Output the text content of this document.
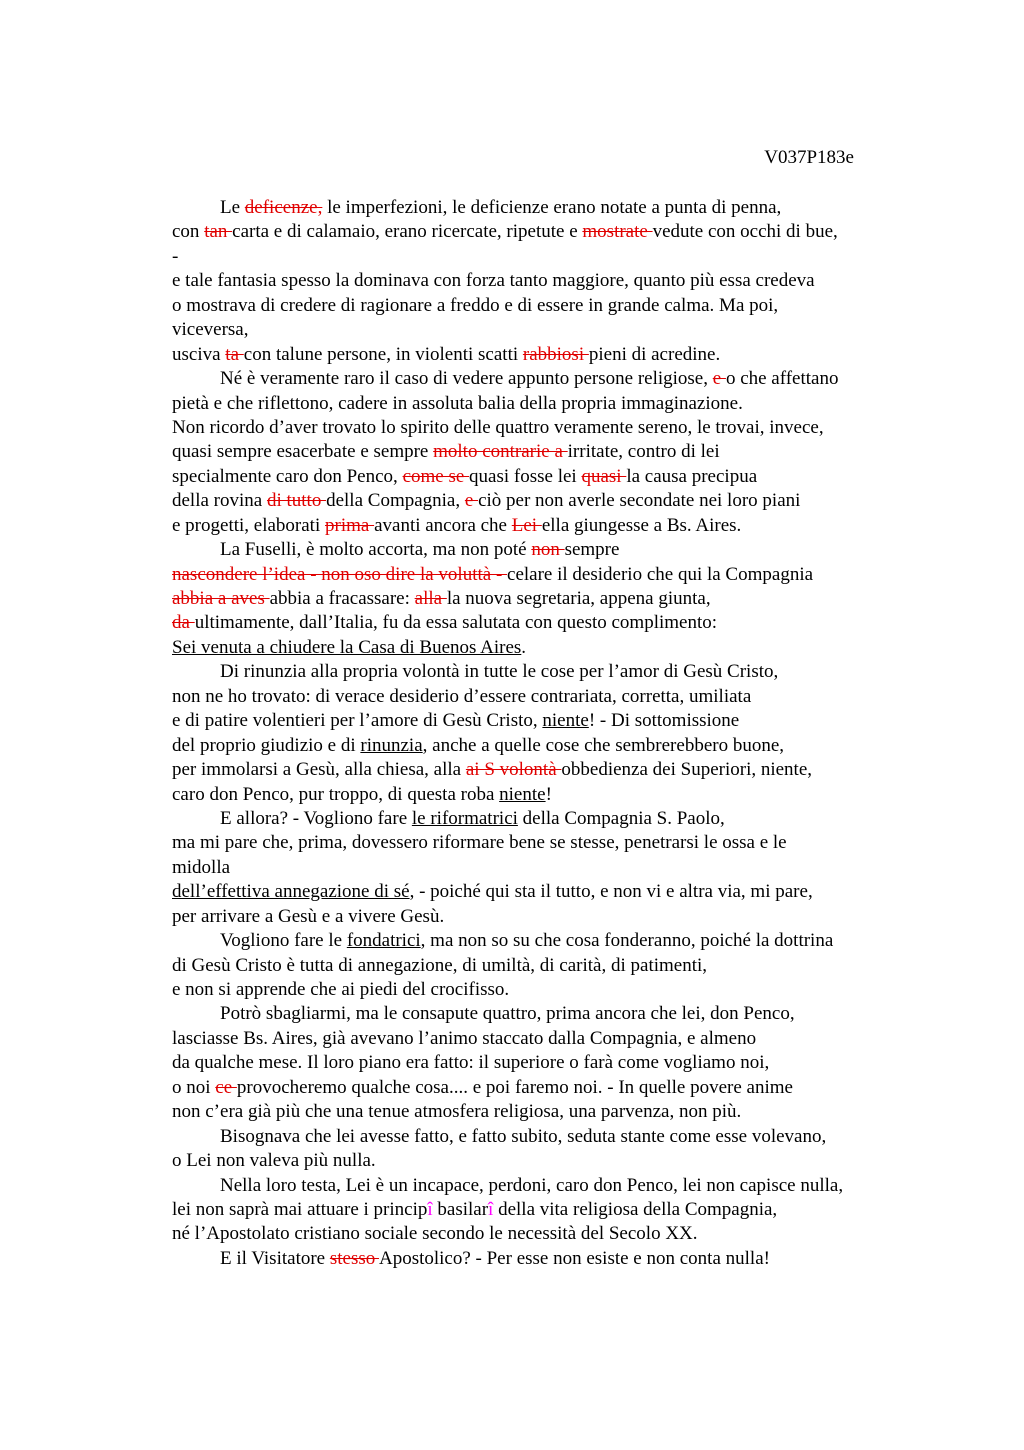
V037P183e
Le deficenze, le imperfezioni, le deficienze erano notate a punta di penna,
con tan carta e di calamaio, erano ricercate, ripetute e mostrate vedute con occhi di bue,
-
e tale fantasia spesso la dominava con forza tanto maggiore, quanto più essa credeva
o mostrava di credere di ragionare a freddo e di essere in grande calma. Ma poi,
viceversa,
usciva ta con talune persone, in violenti scatti rabbiosi pieni di acredine.
Né è veramente raro il caso di vedere appunto persone religiose, e o che affettano
pietà e che riflettono, cadere in assoluta balia della propria immaginazione.
Non ricordo d’aver trovato lo spirito delle quattro veramente sereno, le trovai, invece,
quasi sempre esacerbate e sempre molto contrarie a irritate, contro di lei
specialmente caro don Penco, come se quasi fosse lei quasi la causa precipua
della rovina di tutto della Compagnia, e ciò per non averle secondate nei loro piani
e progetti, elaborati prima avanti ancora che Lei ella giungesse a Bs. Aires.
La Fuselli, è molto accorta, ma non poté non sempre
nascondere l’idea - non oso dire la voluttà - celare il desiderio che qui la Compagnia
abbia a aves abbia a fracassare: alla la nuova segretaria, appena giunta,
da ultimamente, dall’Italia, fu da essa salutata con questo complimento:
Sei venuta a chiudere la Casa di Buenos Aires.
Di rinunzia alla propria volontà in tutte le cose per l’amor di Gesù Cristo,
non ne ho trovato: di verace desiderio d’essere contrariata, corretta, umiliata
e di patire volentieri per l’amore di Gesù Cristo, niente! - Di sottomissione
del proprio giudizio e di rinunzia, anche a quelle cose che sembrerebbero buone,
per immolarsi a Gesù, alla chiesa, alla ai S volontà obbedienza dei Superiori, niente,
caro don Penco, pur troppo, di questa roba niente!
E allora? - Vogliono fare le riformatrici della Compagnia S. Paolo,
ma mi pare che, prima, dovessero riformare bene se stesse, penetrarsi le ossa e le
midolla
dell’effettiva annegazione di sé, - poiché qui sta il tutto, e non vi e altra via, mi pare,
per arrivare a Gesù e a vivere Gesù.
Vogliono fare le fondatrici, ma non so su che cosa fonderanno, poiché la dottrina
di Gesù Cristo è tutta di annegazione, di umiltà, di carità, di patimenti,
e non si apprende che ai piedi del crocifisso.
Potrò sbagliarmi, ma le consapute quattro, prima ancora che lei, don Penco,
lasciasse Bs. Aires, già avevano l’animo staccato dalla Compagnia, e almeno
da qualche mese. Il loro piano era fatto: il superiore o farà come vogliamo noi,
o noi ce provocheremo qualche cosa.... e poi faremo noi. - In quelle povere anime
non c’era già più che una tenue atmosfera religiosa, una parvenza, non più.
Bisognava che lei avesse fatto, e fatto subito, seduta stante come esse volevano,
o Lei non valeva più nulla.
Nella loro testa, Lei è un incapace, perdoni, caro don Penco, lei non capisce nulla,
lei non saprà mai attuare i principî basilarî della vita religiosa della Compagnia,
né l’Apostolato cristiano sociale secondo le necessità del Secolo XX.
E il Visitatore stesso Apostolico? - Per esse non esiste e non conta nulla!
